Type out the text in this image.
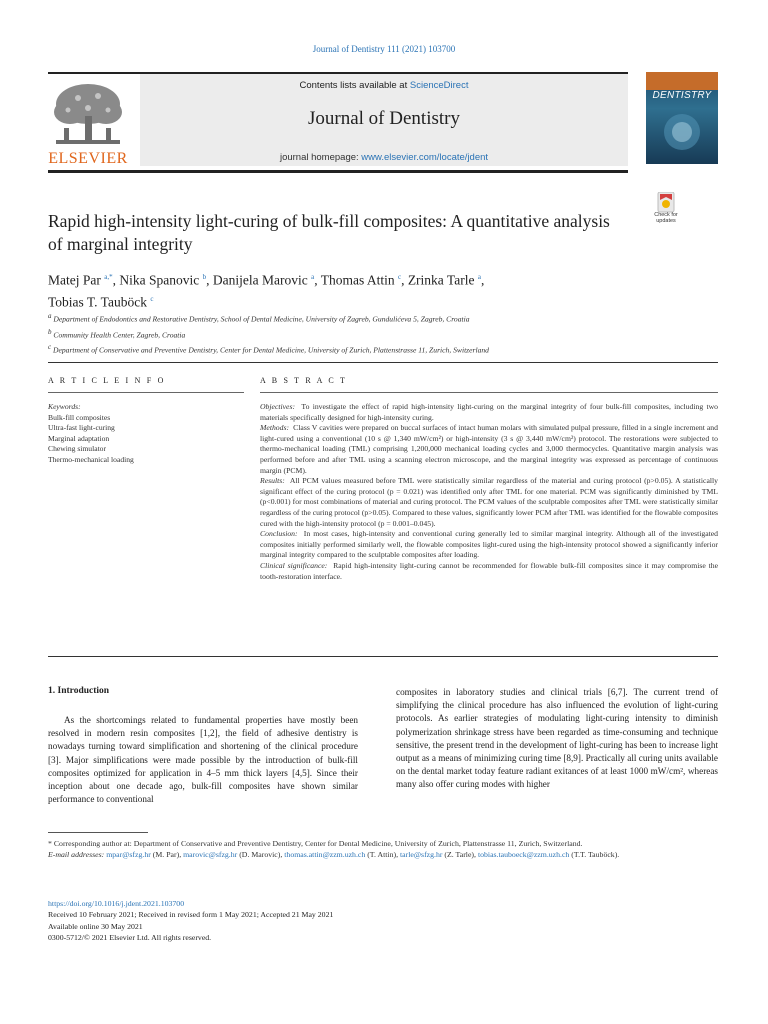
Journal of Dentistry 111 (2021) 103700
Contents lists available at ScienceDirect
Journal of Dentistry
journal homepage: www.elsevier.com/locate/jdent
ELSEVIER
DENTISTRY
Rapid high-intensity light-curing of bulk-fill composites: A quantitative analysis of marginal integrity
Check for updates
Matej Par $^{a,*}$, Nika Spanovic $^b$, Danijela Marovic $^a$, Thomas Attin $^c$, Zrinka Tarle $^a$,
Tobias T. Tauböck $^c$
$^a$ Department of Endodontics and Restorative Dentistry, School of Dental Medicine, University of Zagreb, Gundulićeva 5, Zagreb, Croatia
$^b$ Community Health Center, Zagreb, Croatia
$^c$ Department of Conservative and Preventive Dentistry, Center for Dental Medicine, University of Zurich, Plattenstrasse 11, Zurich, Switzerland
A R T I C L E I N F O
Keywords:
Bulk-fill composites
Ultra-fast light-curing
Marginal adaptation
Chewing simulator
Thermo-mechanical loading
A B S T R A C T

Objectives: To investigate the effect of rapid high-intensity light-curing on the marginal integrity of four bulk-fill composites, including two materials specifically designed for high-intensity curing.

Methods: Class V cavities were prepared on buccal surfaces of intact human molars with simulated pulpal pressure, filled in a single increment and light-cured using a conventional (10 s @ 1,340 mW/cm²) or high-intensity (3 s @ 3,440 mW/cm²) protocol. The restorations were subjected to thermo-mechanical loading (TML) comprising 1,200,000 mechanical loading cycles and 3,000 thermocycles. Quantitative margin analysis was performed before and after TML using a scanning electron microscope, and the marginal integrity was expressed as percentage of continuous margin (PCM).

Results: All PCM values measured before TML were statistically similar regardless of the material and curing protocol (p>0.05). A statistically significant effect of the curing protocol (p = 0.021) was identified only after TML for one material. PCM was significantly diminished by TML (p<0.001) for most combinations of material and curing protocol. The PCM values of the sculptable composites after TML were statistically similar regardless of the curing protocol (p>0.05). Compared to these values, significantly lower PCM after TML was identified for the flowable composites cured with the high-intensity protocol (p = 0.001–0.045).

Conclusion: In most cases, high-intensity and conventional curing generally led to similar marginal integrity. Although all of the investigated composites initially performed similarly well, the flowable composites light-cured using the high-intensity protocol showed a significantly inferior marginal integrity compared to the sculptable composites after loading.

Clinical significance: Rapid high-intensity light-curing cannot be recommended for flowable bulk-fill composites since it may compromise the tooth-restoration interface.

1. Introduction

As the shortcomings related to fundamental properties have mostly been resolved in modern resin composites [1,2], the field of adhesive dentistry is nowadays turning toward simplification and shortening of the clinical procedure [3]. Major simplifications were made possible by the introduction of bulk-fill composites optimized for application in 4–5 mm thick layers [4,5]. Since their inception about one decade ago, bulk-fill composites have shown similar performance to conventional

composites in laboratory studies and clinical trials [6,7]. The current trend of simplifying the clinical procedure has also influenced the evolution of light-curing protocols. As earlier strategies of modulating light-curing intensity to diminish polymerization shrinkage stress have been regarded as time-consuming and technique sensitive, the present trend in the development of light-curing has been to increase light output as a means of minimizing curing time [8,9]. Practically all curing units available on the dental market today feature radiant exitances of at least 1000 mW/cm², whereas many also offer curing modes with higher

* Corresponding author at: Department of Conservative and Preventive Dentistry, Center for Dental Medicine, University of Zurich, Plattenstrasse 11, Zurich, Switzerland.

E-mail addresses: mpar@sfzg.hr (M. Par), marovic@sfzg.hr (D. Marovic), thomas.attin@zzm.uzh.ch (T. Attin), tarle@sfzg.hr (Z. Tarle), tobias.tauboeck@zzm.uzh.ch (T.T. Tauböck).

https://doi.org/10.1016/j.jdent.2021.103700
Received 10 February 2021; Received in revised form 1 May 2021; Accepted 21 May 2021
Available online 30 May 2021
0300-5712/© 2021 Elsevier Ltd. All rights reserved.
